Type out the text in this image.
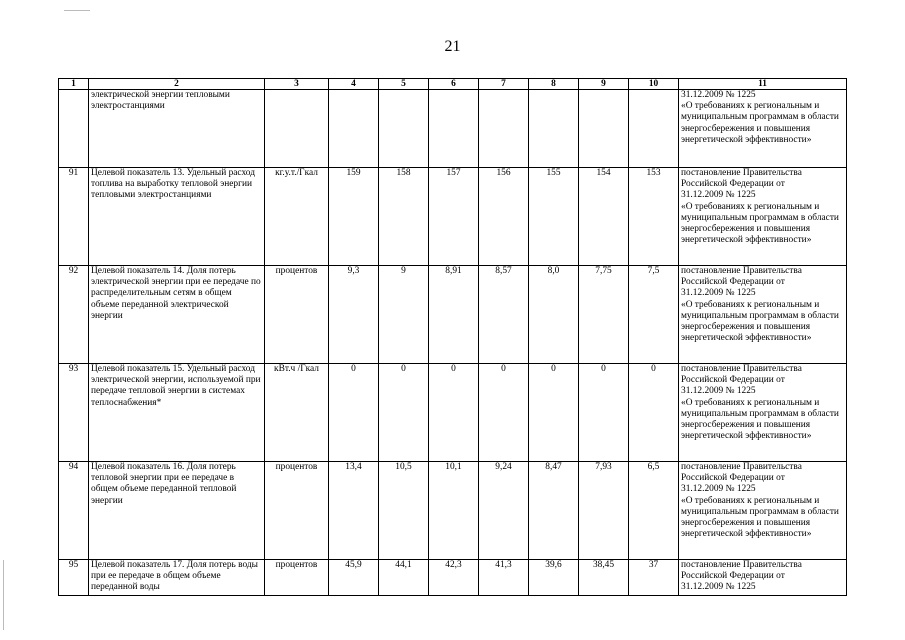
21
1	2	3	4	5	6	7	8	9	10	11
	электрической энергии тепловыми электростанциями									31.12.2009 № 1225
«О требованиях к региональным и муниципальным программам в области энергосбережения и повышения энергетической эффективности»

91	Целевой показатель 13. Удельный расход топлива на выработку тепловой энергии тепловыми электростанциями	кг.у.т./Гкал	159	158	157	156	155	154	153	постановление Правительства Российской Федерации от
31.12.2009 № 1225
«О требованиях к региональным и муниципальным программам в области энергосбережения и повышения энергетической эффективности»

92	Целевой показатель 14. Доля потерь электрической энергии при ее передаче по распределительным сетям в общем объеме переданной электрической энергии	процентов	9,3	9	8,91	8,57	8,0	7,75	7,5	постановление Правительства Российской Федерации от
31.12.2009 № 1225
«О требованиях к региональным и муниципальным программам в области энергосбережения и повышения энергетической эффективности»

93	Целевой показатель 15. Удельный расход электрической энергии, используемой при передаче тепловой энергии в системах теплоснабжения*	кВт.ч /Гкал	0	0	0	0	0	0	0	постановление Правительства Российской Федерации от
31.12.2009 № 1225
«О требованиях к региональным и муниципальным программам в области энергосбережения и повышения энергетической эффективности»

94	Целевой показатель 16. Доля потерь тепловой энергии при ее передаче в общем объеме переданной тепловой энергии	процентов	13,4	10,5	10,1	9,24	8,47	7,93	6,5	постановление Правительства Российской Федерации от
31.12.2009 № 1225
«О требованиях к региональным и муниципальным программам в области энергосбережения и повышения энергетической эффективности»

95	Целевой показатель 17. Доля потерь воды при ее передаче в общем объеме переданной воды	процентов	45,9	44,1	42,3	41,3	39,6	38,45	37	постановление Правительства Российской Федерации от
31.12.2009 № 1225
